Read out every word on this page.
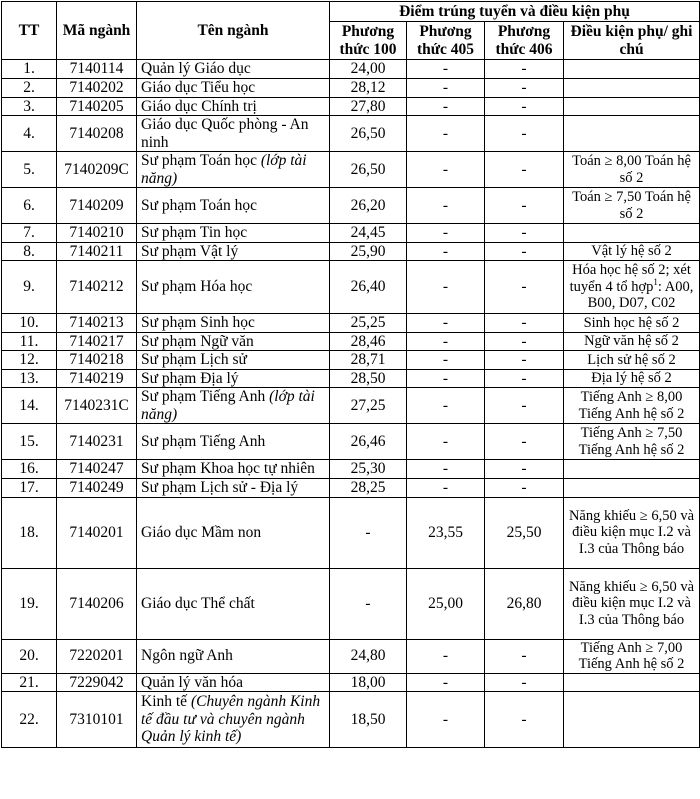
TT	Mã ngành	Tên ngành	Điểm trúng tuyển và điều kiện phụ			
			Phương thức 100	Phương thức 405	Phương thức 406	Điều kiện phụ/ ghi chú
1.	7140114	Quản lý Giáo dục	24,00	-	-	
2.	7140202	Giáo dục Tiểu học	28,12	-	-	
3.	7140205	Giáo dục Chính trị	27,80	-	-	
4.	7140208	Giáo dục Quốc phòng - An ninh	26,50	-	-	
5.	7140209C	Sư phạm Toán học (lớp tài năng)	26,50	-	-	Toán ≥ 8,00 Toán hệ số 2
6.	7140209	Sư phạm Toán học	26,20	-	-	Toán ≥ 7,50 Toán hệ số 2
7.	7140210	Sư phạm Tin học	24,45	-	-	
8.	7140211	Sư phạm Vật lý	25,90	-	-	Vật lý hệ số 2
9.	7140212	Sư phạm Hóa học	26,40	-	-	Hóa học hệ số 2; xét tuyển 4 tổ hợp$^1$: A00, B00, D07, C02
10.	7140213	Sư phạm Sinh học	25,25	-	-	Sinh học hệ số 2
11.	7140217	Sư phạm Ngữ văn	28,46	-	-	Ngữ văn hệ số 2
12.	7140218	Sư phạm Lịch sử	28,71	-	-	Lịch sử hệ số 2
13.	7140219	Sư phạm Địa lý	28,50	-	-	Địa lý hệ số 2
14.	7140231C	Sư phạm Tiếng Anh (lớp tài năng)	27,25	-	-	Tiếng Anh ≥ 8,00 Tiếng Anh hệ số 2
15.	7140231	Sư phạm Tiếng Anh	26,46	-	-	Tiếng Anh ≥ 7,50 Tiếng Anh hệ số 2
16.	7140247	Sư phạm Khoa học tự nhiên	25,30	-	-	
17.	7140249	Sư phạm Lịch sử - Địa lý	28,25	-	-	
18.	7140201	Giáo dục Mầm non	-	23,55	25,50	Năng khiếu ≥ 6,50 và điều kiện mục I.2 và I.3 của Thông báo
19.	7140206	Giáo dục Thể chất	-	25,00	26,80	Năng khiếu ≥ 6,50 và điều kiện mục I.2 và I.3 của Thông báo
20.	7220201	Ngôn ngữ Anh	24,80	-	-	Tiếng Anh ≥ 7,00 Tiếng Anh hệ số 2
21.	7229042	Quản lý văn hóa	18,00	-	-	
22.	7310101	Kinh tế (Chuyên ngành Kinh tế đầu tư và chuyên ngành Quản lý kinh tế)	18,50	-	-	
